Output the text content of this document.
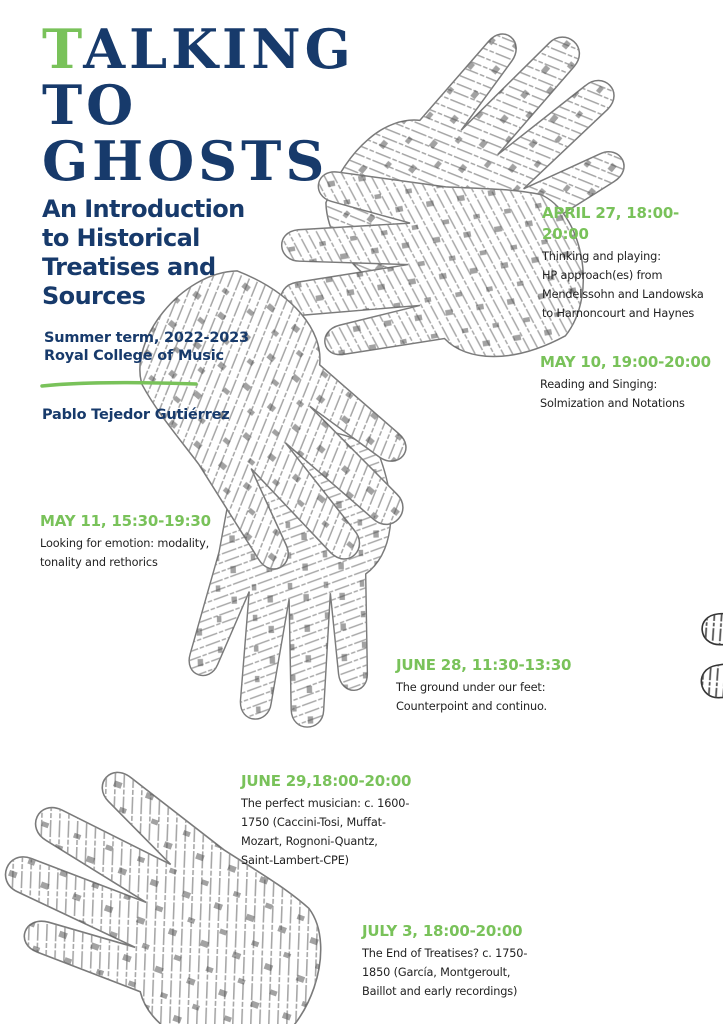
TALKING
TO
GHOSTS
An Introduction
to Historical
Treatises and
Sources

Summer term, 2022-2023

Royal College of Music

Pablo Tejedor Gutiérrez

APRIL 27, 18:00-
20:00
Thinking and playing:
HP approach(es) from
Mendelssohn and Landowska
to Harnoncourt and Haynes
MAY 10, 19:00-20:00
Reading and Singing:
Solmization and Notations
MAY 11, 15:30-19:30
Looking for emotion: modality,
tonality and rethorics
JUNE 28, 11:30-13:30
The ground under our feet:
Counterpoint and continuo.
JUNE 29,18:00-20:00
The perfect musician: c. 1600-
1750 (Caccini-Tosi, Muffat-
Mozart, Rognoni-Quantz,
Saint-Lambert-CPE)
JULY 3, 18:00-20:00
The End of Treatises? c. 1750-
1850 (García, Montgeroult,
Baillot and early recordings)
